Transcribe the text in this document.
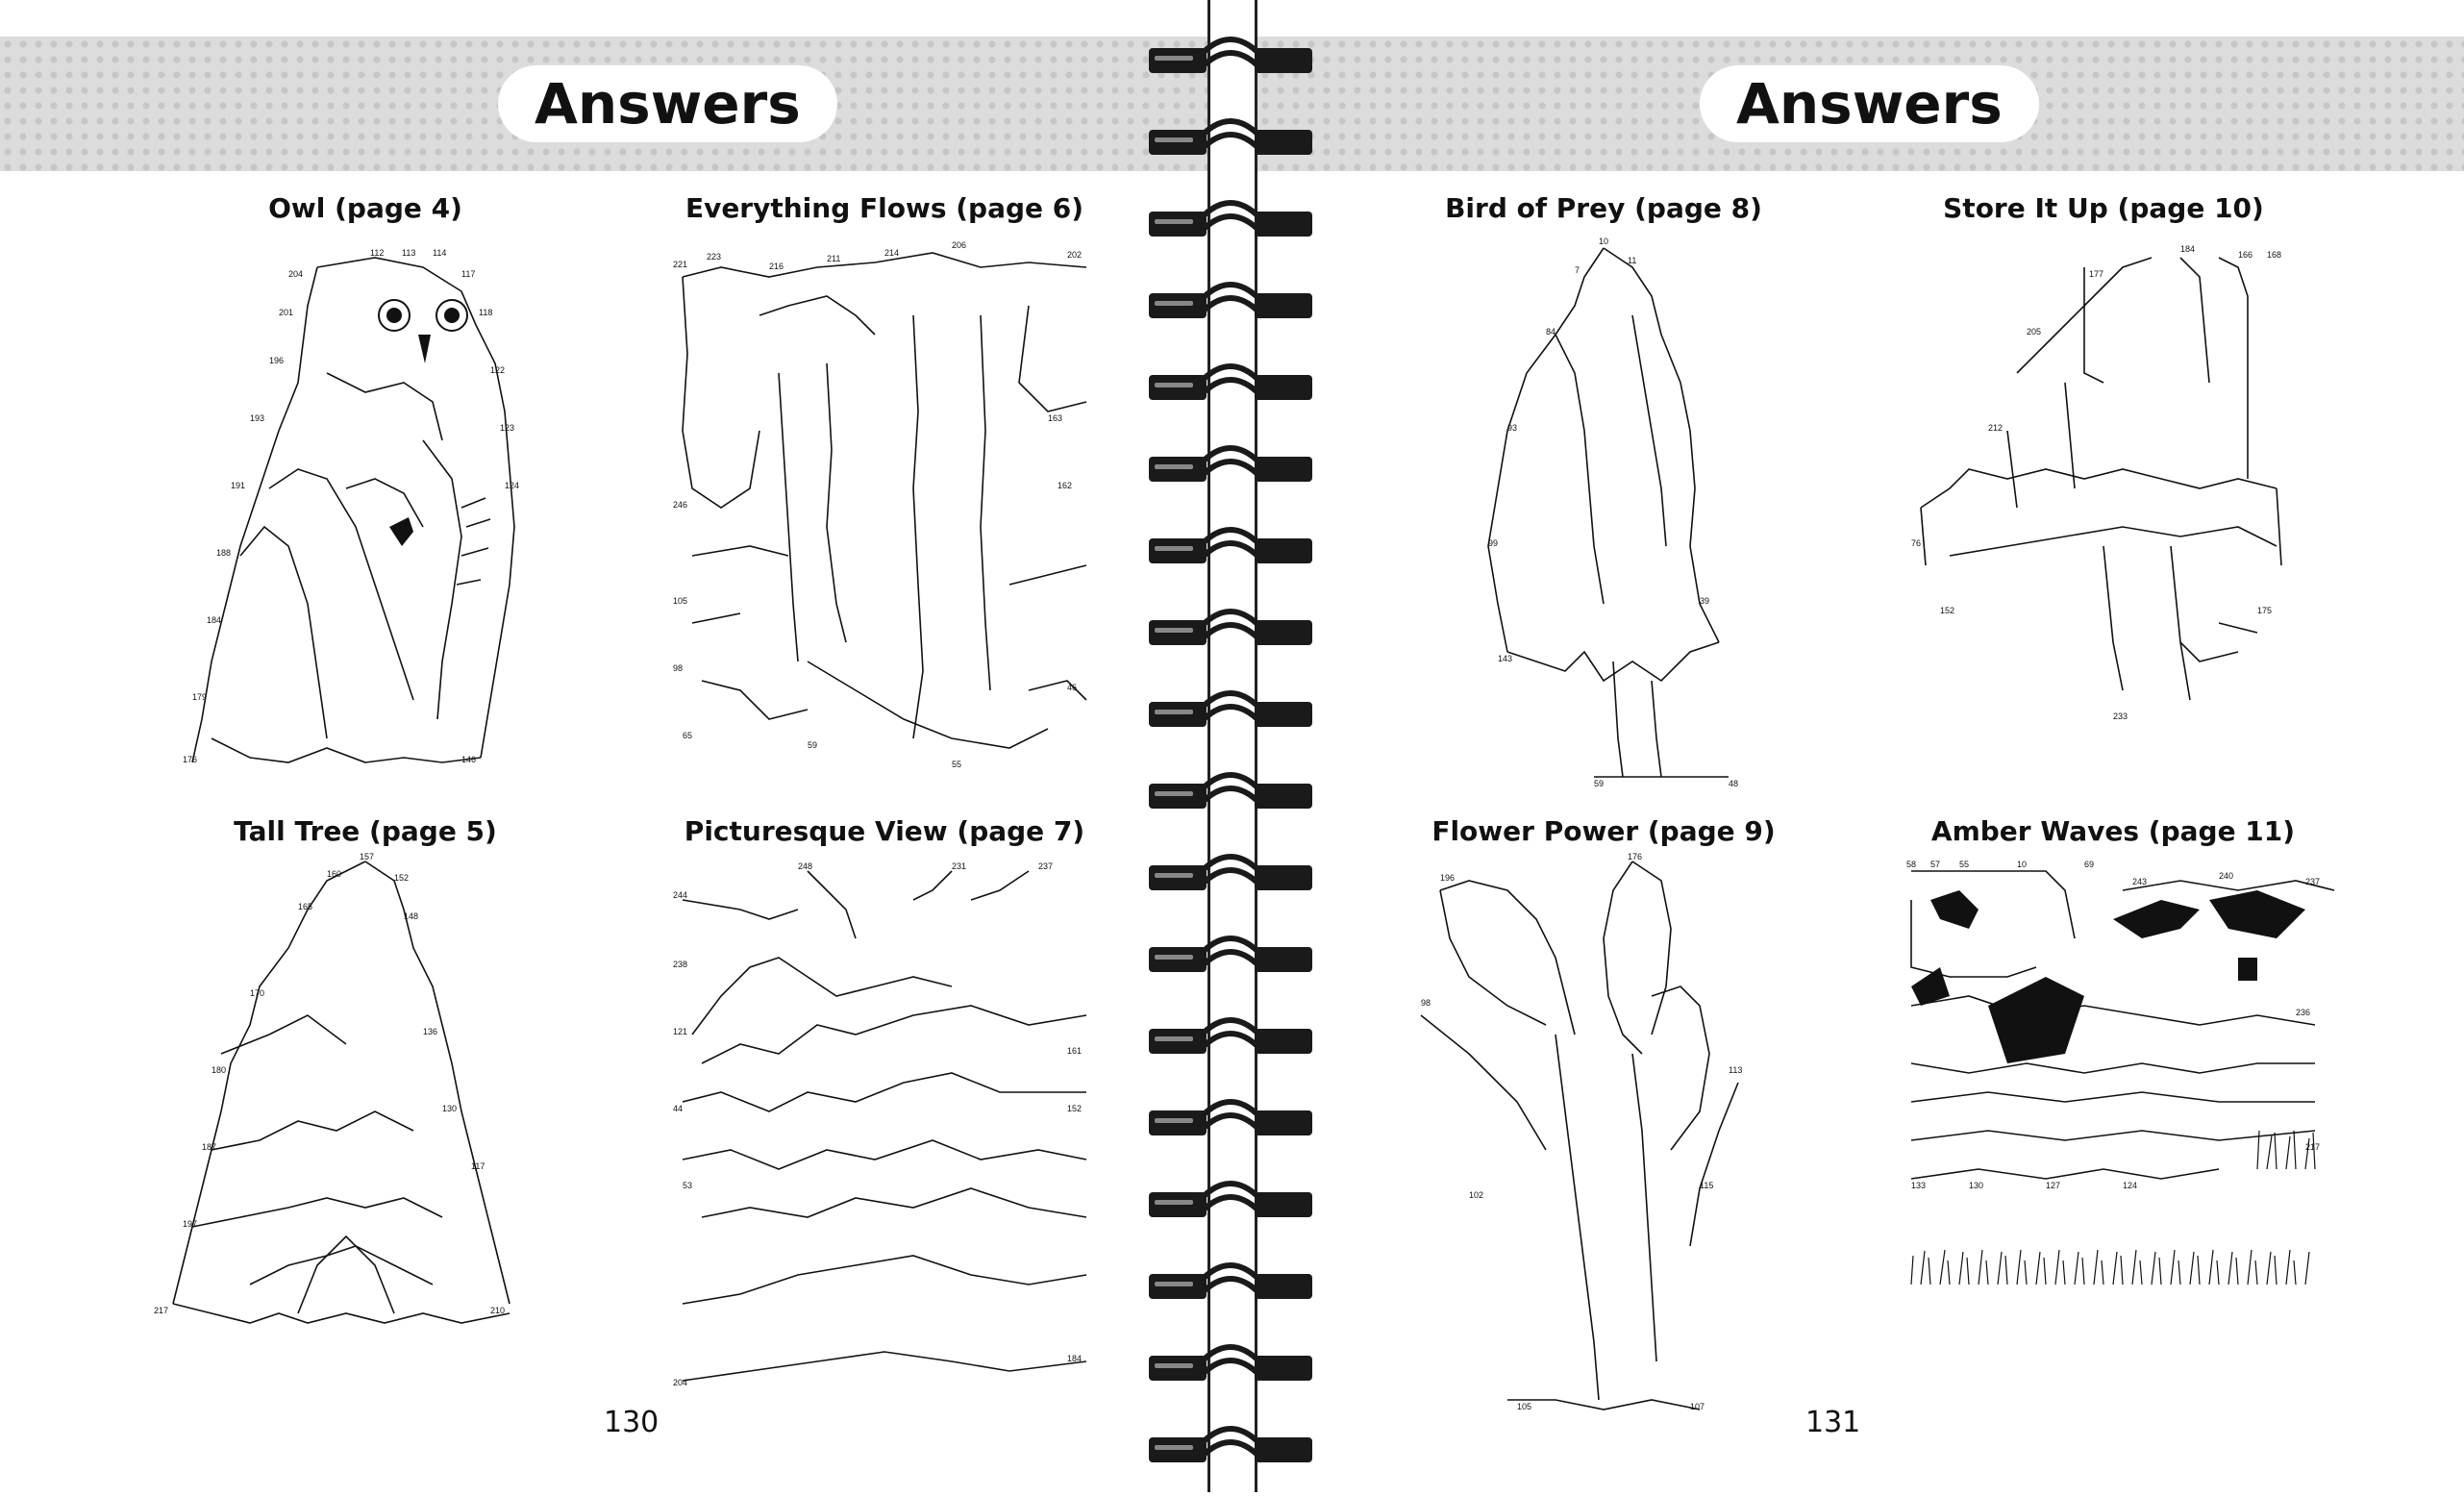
Answers
Owl (page 4)
112 113 114
117
118
122
123
124
204
201
196
193
191
188
184
179
176	146
Everything Flows (page 6)
221
223
216
211
214
206
202
163
162
246
105
98
65
59
55
46
Tall Tree (page 5)
157
160
165
152
148
170
180
187
197
217	210
117
130
136
Picturesque View (page 7)
248	231	237
244
238
121
44
53
204
184
161
152
130
Answers
Bird of Prey (page 8)
10
11
7
84
93
99
143
39
48
59
Store It Up (page 10)
177
184
166 168
205
212
76
152
233
175
Flower Power (page 9)
176
196
98
113
115
105	107
102
Amber Waves (page 11)
58 57 55	10	69
243
240
237
236
217
133	130	127	124
131
